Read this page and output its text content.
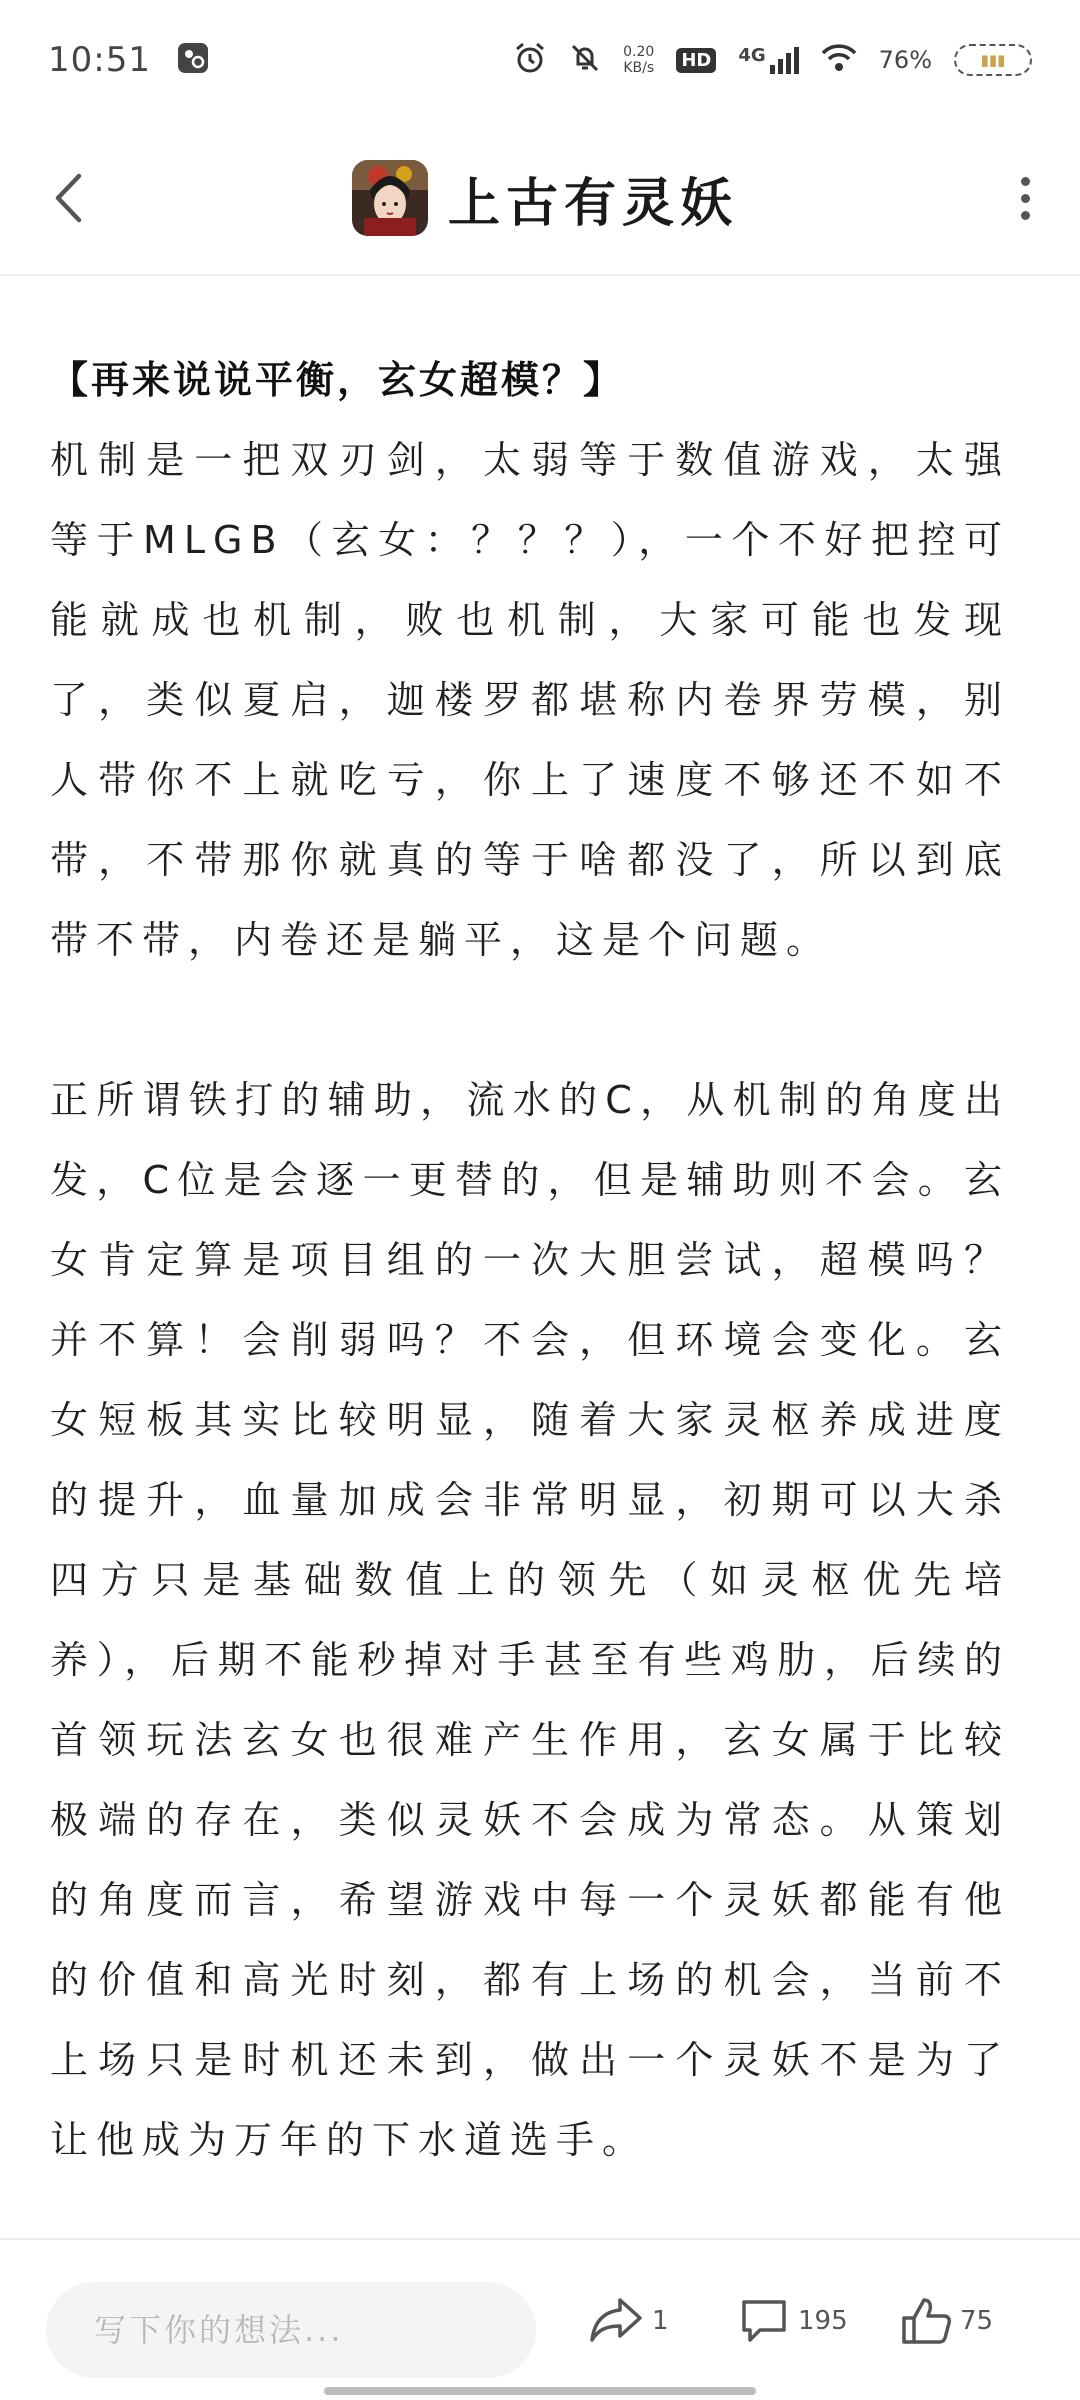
10:51	0.20
KB/s HD 4G	76%	▮▮▮
上古有灵妖
【再来说说平衡，玄女超模？】

机制是一把双刃剑，太弱等于数值游戏，太强等于MLGB（玄女：？？？），一个不好把控可能就成也机制，败也机制，大家可能也发现了，类似夏启，迦楼罗都堪称内卷界劳模，别人带你不上就吃亏，你上了速度不够还不如不带，不带那你就真的等于啥都没了，所以到底带不带，内卷还是躺平，这是个问题。

正所谓铁打的辅助，流水的C，从机制的角度出发，C位是会逐一更替的，但是辅助则不会。玄女肯定算是项目组的一次大胆尝试，超模吗？并不算！会削弱吗？不会，但环境会变化。玄女短板其实比较明显，随着大家灵枢养成进度的提升，血量加成会非常明显，初期可以大杀四方只是基础数值上的领先（如灵枢优先培养），后期不能秒掉对手甚至有些鸡肋，后续的首领玩法玄女也很难产生作用，玄女属于比较极端的存在，类似灵妖不会成为常态。从策划的角度而言，希望游戏中每一个灵妖都能有他的价值和高光时刻，都有上场的机会，当前不上场只是时机还未到，做出一个灵妖不是为了让他成为万年的下水道选手。

写下你的想法...
1	195	75
